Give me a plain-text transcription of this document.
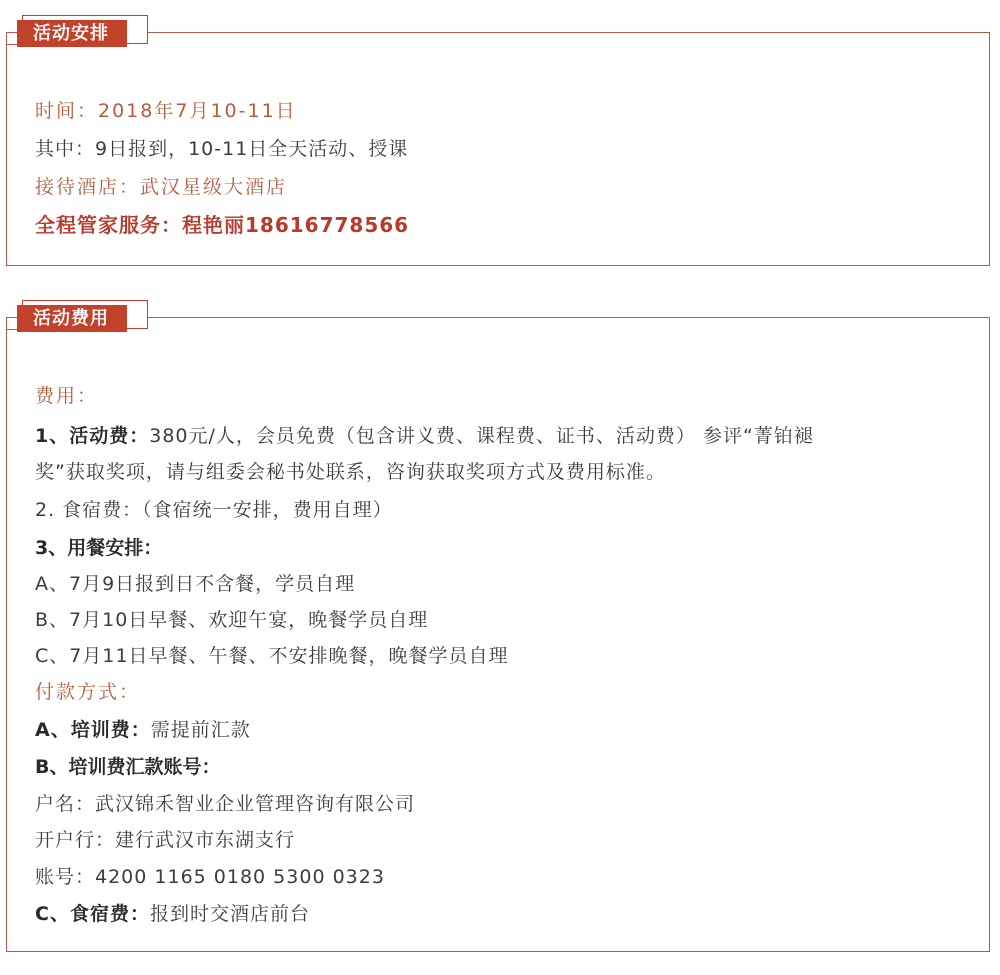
活动安排
时间：2018年7月10-11日
其中：9日报到，10-11日全天活动、授课
接待酒店：武汉星级大酒店
全程管家服务：程艳丽18616778566
活动费用
费用：
1、活动费：380元/人，会员免费（包含讲义费、课程费、证书、活动费） 参评“菁铂褪
奖”获取奖项，请与组委会秘书处联系，咨询获取奖项方式及费用标准。
2. 食宿费：（食宿统一安排，费用自理）
3、用餐安排：
A、7月9日报到日不含餐，学员自理
B、7月10日早餐、欢迎午宴，晚餐学员自理
C、7月11日早餐、午餐、不安排晚餐，晚餐学员自理
付款方式：
A、培训费：需提前汇款
B、培训费汇款账号：
户名：武汉锦禾智业企业管理咨询有限公司
开户行：建行武汉市东湖支行
账号：4200 1165 0180 5300 0323
C、食宿费：报到时交酒店前台
